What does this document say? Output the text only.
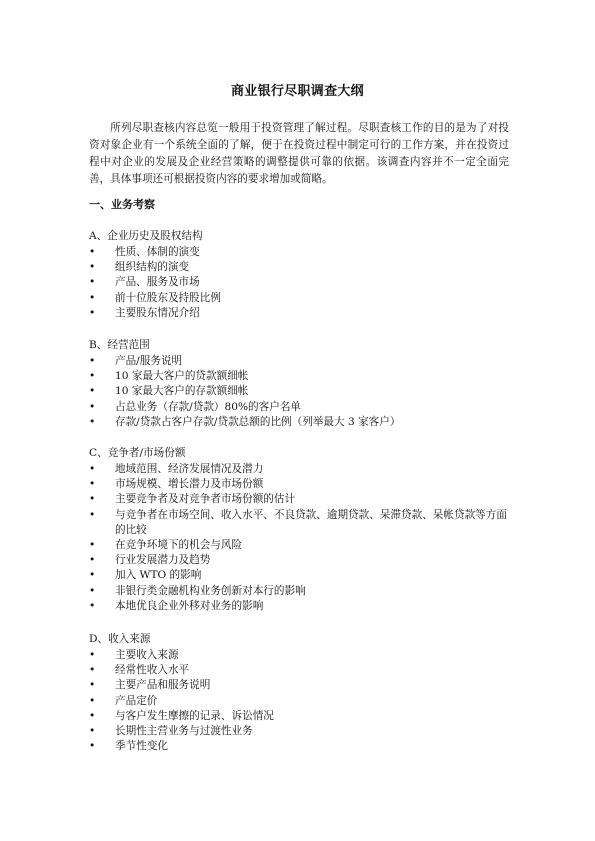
商业银行尽职调查大纲

所列尽职查核内容总览一般用于投资管理了解过程。尽职查核工作的目的是为了对投资对象企业有一个系统全面的了解，便于在投资过程中制定可行的工作方案，并在投资过程中对企业的发展及企业经营策略的调整提供可靠的依据。该调查内容并不一定全面完善，具体事项还可根据投资内容的要求增加或简略。

一、业务考察
A、企业历史及股权结构
• 性质、体制的演变
• 组织结构的演变
• 产品、服务及市场
• 前十位股东及持股比例
• 主要股东情况介绍
B、经营范围
• 产品/服务说明
• 10 家最大客户的贷款额细帐
• 10 家最大客户的存款额细帐
• 占总业务（存款/贷款）80%的客户名单
• 存款/贷款占客户存款/贷款总额的比例（列举最大 3 家客户）
C、竞争者/市场份额
• 地域范围、经济发展情况及潜力
• 市场规模、增长潜力及市场份额
• 主要竞争者及对竞争者市场份额的估计
• 与竞争者在市场空间、收入水平、不良贷款、逾期贷款、呆滞贷款、呆帐贷款等方面的比较
• 在竞争环境下的机会与风险
• 行业发展潜力及趋势
• 加入 WTO 的影响
• 非银行类金融机构业务创新对本行的影响
• 本地优良企业外移对业务的影响
D、收入来源
• 主要收入来源
• 经常性收入水平
• 主要产品和服务说明
• 产品定价
• 与客户发生摩擦的记录、诉讼情况
• 长期性主营业务与过渡性业务
• 季节性变化
